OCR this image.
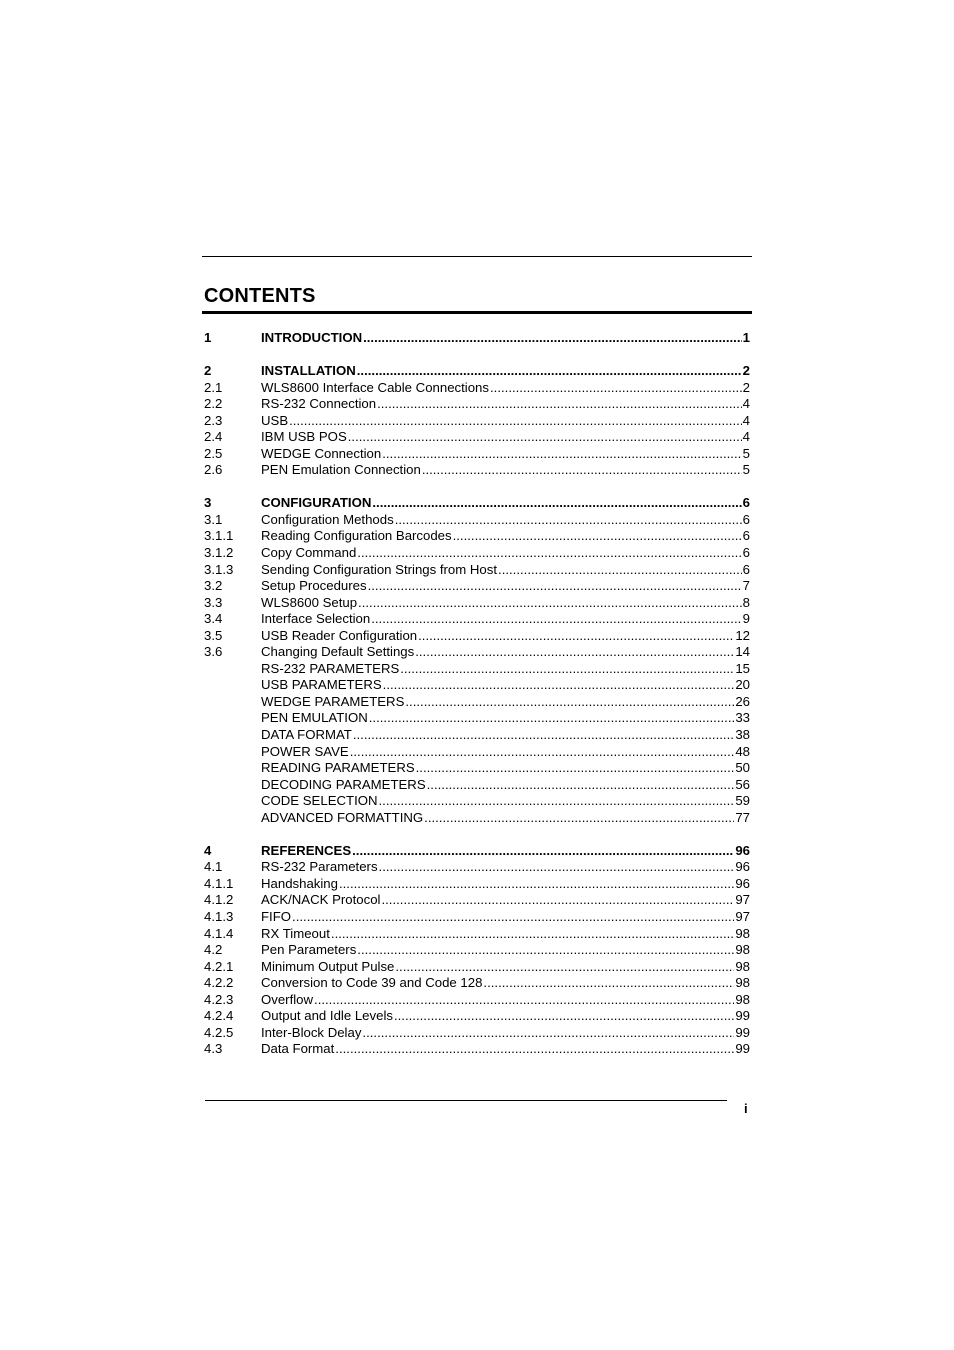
CONTENTS
1	INTRODUCTION .....	1
2	INSTALLATION .....	2
2.1	WLS8600 Interface Cable Connections .....	2
2.2	RS-232 Connection .....	4
2.3	USB .....	4
2.4	IBM USB POS .....	4
2.5	WEDGE Connection .....	5
2.6	PEN Emulation Connection .....	5
3	CONFIGURATION .....	6
3.1	Configuration Methods .....	6
3.1.1	Reading Configuration Barcodes .....	6
3.1.2	Copy Command .....	6
3.1.3	Sending Configuration Strings from Host .....	6
3.2	Setup Procedures .....	7
3.3	WLS8600 Setup .....	8
3.4	Interface Selection .....	9
3.5	USB Reader Configuration .....	12
3.6	Changing Default Settings .....	14
RS-232 PARAMETERS .....	15
USB PARAMETERS .....	20
WEDGE PARAMETERS .....	26
PEN EMULATION .....	33
DATA FORMAT .....	38
POWER SAVE .....	48
READING PARAMETERS .....	50
DECODING PARAMETERS .....	56
CODE SELECTION .....	59
ADVANCED FORMATTING .....	77
4	REFERENCES .....	96
4.1	RS-232 Parameters .....	96
4.1.1	Handshaking .....	96
4.1.2	ACK/NACK Protocol .....	97
4.1.3	FIFO .....	97
4.1.4	RX Timeout .....	98
4.2	Pen Parameters .....	98
4.2.1	Minimum Output Pulse .....	98
4.2.2	Conversion to Code 39 and Code 128 .....	98
4.2.3	Overflow .....	98
4.2.4	Output and Idle Levels .....	99
4.2.5	Inter-Block Delay .....	99
4.3	Data Format .....	99
i
